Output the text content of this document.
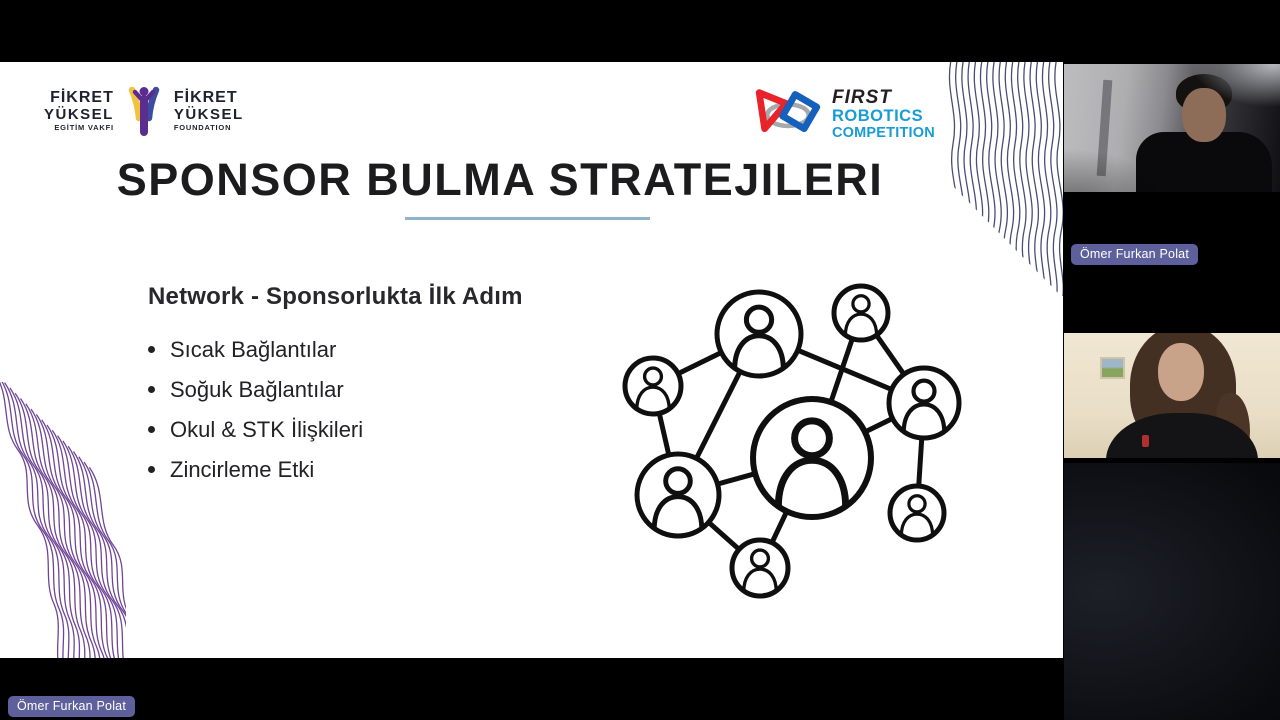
FİKRET
YÜKSEL
EGİTİM VAKFI
FİKRET
YÜKSEL
FOUNDATION
FIRST
ROBOTICS
COMPETITION
SPONSOR BULMA STRATEJILERI
Network - Sponsorlukta İlk Adım
Sıcak Bağlantılar
Soğuk Bağlantılar
Okul & STK İlişkileri
Zincirleme Etki
Ömer Furkan Polat
Ömer Furkan Polat
